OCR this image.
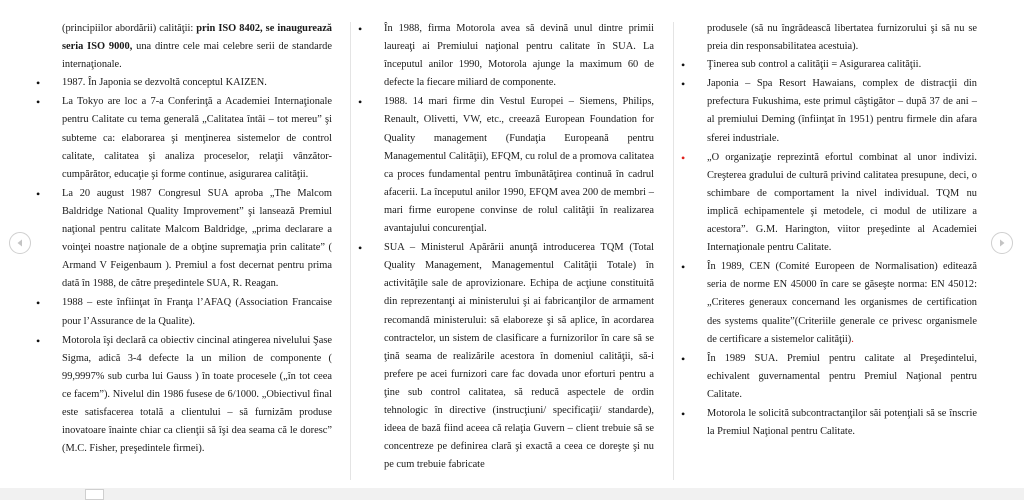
(principiilor abordării) calităţii: prin ISO 8402, se inaugurează seria ISO 9000, una dintre cele mai celebre serii de standarde internaţionale.

• 1987. În Japonia se dezvoltă conceptul KAIZEN.
• La Tokyo are loc a 7-a Conferinţă a Academiei Internaţionale pentru Calitate cu tema generală „Calitatea întâi – tot mereu” şi subteme ca: elaborarea şi menţinerea sistemelor de control calitate, calitatea şi analiza proceselor, relaţii vânzător-cumpărător, educaţie şi forme continue, asigurarea calităţii.
• La 20 august 1987 Congresul SUA aproba „The Malcom Baldridge National Quality Improvement” şi lansează Premiul naţional pentru calitate Malcom Baldridge, „prima declarare a voinţei noastre naţionale de a obţine supremaţia prin calitate” ( Armand V Feigenbaum ). Premiul a fost decernat pentru prima dată în 1988, de către preşedintele SUA, R. Reagan.
• 1988 – este înfiinţat în Franţa l’AFAQ (Association Francaise pour l’Assurance de la Qualite).
• Motorola îşi declară ca obiectiv cincinal atingerea nivelului Şase Sigma, adică 3-4 defecte la un milion de componente ( 99,9997% sub curba lui Gauss ) în toate procesele („în tot ceea ce facem”). Nivelul din 1986 fusese de 6/1000. „Obiectivul final este satisfacerea totală a clientului – să furnizăm produse inovatoare înainte chiar ca clienţii să îşi dea seama că le doresc” (M.C. Fisher, preşedintele firmei).
• În 1988, firma Motorola avea să devină unul dintre primii laureaţi ai Premiului naţional pentru calitate în SUA. La începutul anilor 1990, Motorola ajunge la maximum 60 de defecte la fiecare miliard de componente.
• 1988. 14 mari firme din Vestul Europei – Siemens, Philips, Renault, Olivetti, VW, etc., creează European Foundation for Quality management (Fundaţia Europeană pentru Managementul Calităţii), EFQM, cu rolul de a promova calitatea ca proces fundamental pentru îmbunătăţirea continuă în cadrul afacerii. La începutul anilor 1990, EFQM avea 200 de membri – mari firme europene convinse de rolul calităţii în realizarea avantajului concurenţial.
• SUA – Ministerul Apărării anunţă introducerea TQM (Total Quality Management, Managementul Calităţii Totale) în activităţile sale de aprovizionare. Echipa de acţiune constituită din reprezentanţi ai ministerului şi ai fabricanţilor de armament recomandă ministerului: să elaboreze şi să aplice, în acordarea contractelor, un sistem de clasificare a furnizorilor în care să se ţină seama de realizările acestora în domeniul calităţii, să-i prefere pe acei furnizori care fac dovada unor eforturi pentru a ţine sub control calitatea, să reducă aspectele de ordin tehnologic în directive (instrucţiuni/ specificaţii/ standarde), ideea de bază fiind aceea că relaţia Guvern – client trebuie să se concentreze pe definirea clară şi exactă a ceea ce doreşte şi nu pe cum trebuie fabricate

produsele (să nu îngrădească libertatea furnizorului şi să nu se preia din responsabilitatea acestuia).

• Ţinerea sub control a calităţii = Asigurarea calităţii.
• Japonia – Spa Resort Hawaians, complex de distracţii din prefectura Fukushima, este primul câştigător – după 37 de ani – al premiului Deming (înfiinţat în 1951) pentru firmele din afara sferei industriale.
• „O organizaţie reprezintă efortul combinat al unor indivizi. Creşterea gradului de cultură privind calitatea presupune, deci, o schimbare de comportament la nivel individual. TQM nu implică echipamentele şi metodele, ci modul de utilizare a acestora”. G.M. Harington, viitor preşedinte al Academiei Internaţionale pentru Calitate.
• În 1989, CEN (Comité Europeen de Normalisation) editează seria de norme EN 45000 în care se găseşte norma: EN 45012: „Criteres generaux concernand les organismes de certification des systems qualite”(Criteriile generale ce privesc organismele de certificare a sistemelor calităţii).
• În 1989 SUA. Premiul pentru calitate al Preşedintelui, echivalent guvernamental pentru Premiul Naţional pentru Calitate.
• Motorola le solicită subcontractanţilor săi potenţiali să se înscrie la Premiul Naţional pentru Calitate.
